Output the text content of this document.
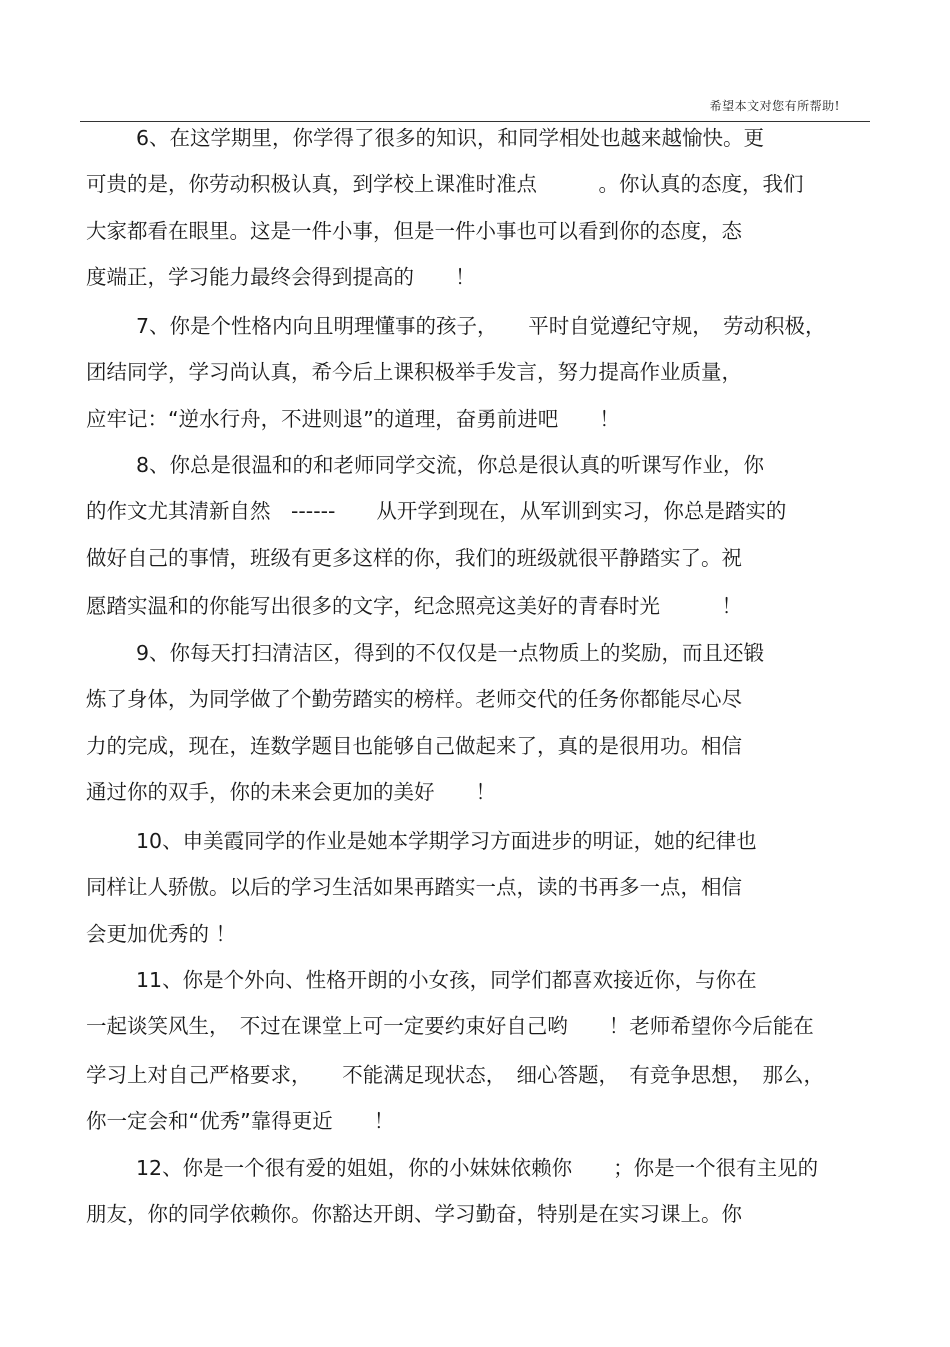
希望本文对您有所帮助!
6、在这学期里，你学得了很多的知识，和同学相处也越来越愉快。更
可贵的是，你劳动积极认真，到学校上课准时准点　　　。你认真的态度，我们
大家都看在眼里。这是一件小事，但是一件小事也可以看到你的态度，态
度端正，学习能力最终会得到提高的　　！
7、你是个性格内向且明理懂事的孩子，　　平时自觉遵纪守规，　劳动积极，
团结同学，学习尚认真，希今后上课积极举手发言，努力提高作业质量，
应牢记：“逆水行舟，不进则退”的道理，奋勇前进吧　　！
8、你总是很温和的和老师同学交流，你总是很认真的听课写作业，你
的作文尤其清新自然　------　　从开学到现在，从军训到实习，你总是踏实的
做好自己的事情，班级有更多这样的你，我们的班级就很平静踏实了。祝
愿踏实温和的你能写出很多的文字，纪念照亮这美好的青春时光　　　！
9、你每天打扫清洁区，得到的不仅仅是一点物质上的奖励，而且还锻
炼了身体，为同学做了个勤劳踏实的榜样。老师交代的任务你都能尽心尽
力的完成，现在，连数学题目也能够自己做起来了，真的是很用功。相信
通过你的双手，你的未来会更加的美好　　！
10、申美霞同学的作业是她本学期学习方面进步的明证，她的纪律也
同样让人骄傲。以后的学习生活如果再踏实一点，读的书再多一点，相信
会更加优秀的 ！
11、你是个外向、性格开朗的小女孩，同学们都喜欢接近你，与你在
一起谈笑风生，　不过在课堂上可一定要约束好自己哟　　！老师希望你今后能在
学习上对自己严格要求，　　不能满足现状态，　细心答题，　有竞争思想，　那么，
你一定会和“优秀”靠得更近　　！
12、你是一个很有爱的姐姐，你的小妹妹依赖你　　；你是一个很有主见的
朋友，你的同学依赖你。你豁达开朗、学习勤奋，特别是在实习课上。你
